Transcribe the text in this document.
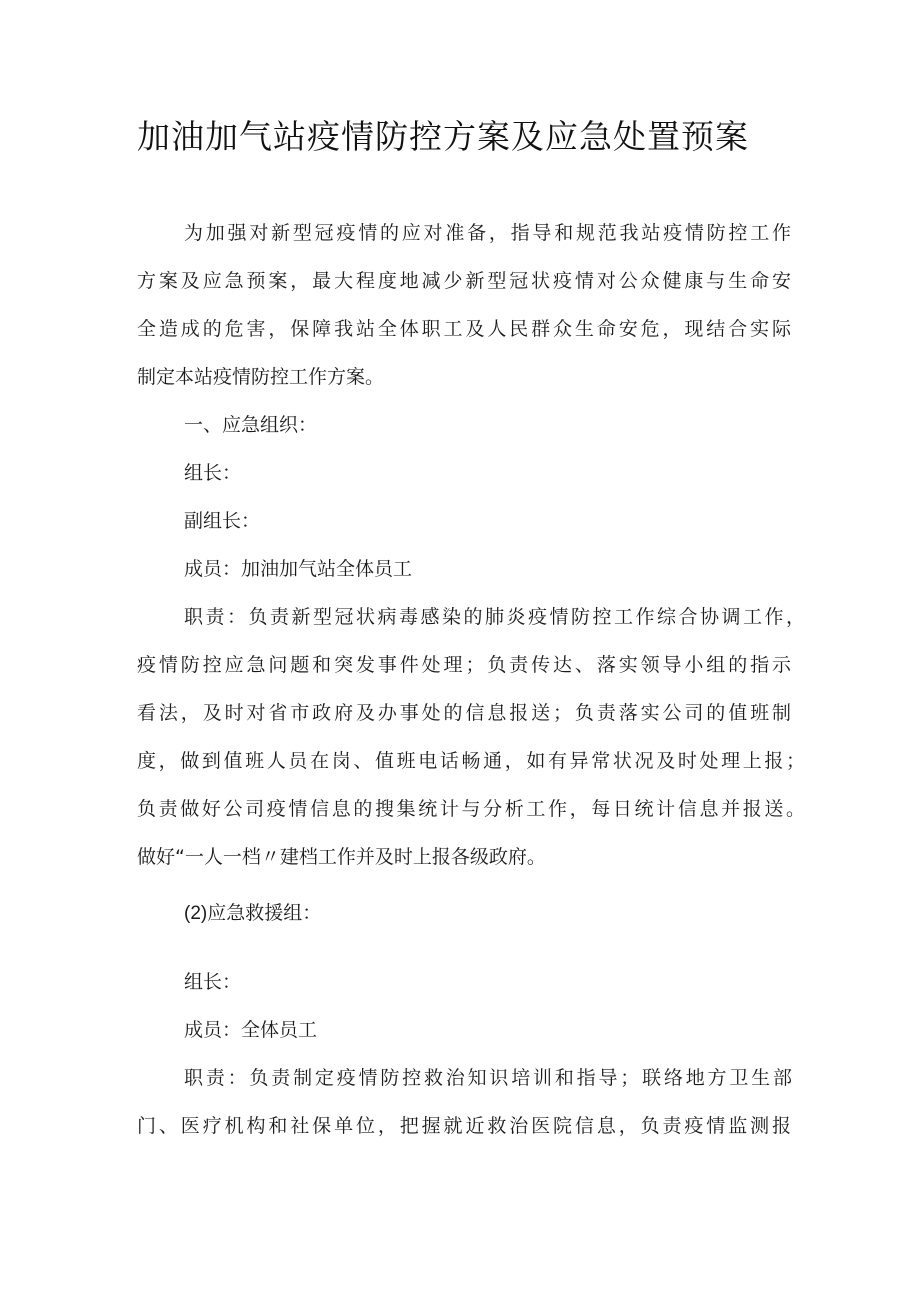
加油加气站疫情防控方案及应急处置预案
为加强对新型冠疫情的应对准备，指导和规范我站疫情防控工作
方案及应急预案，最大程度地减少新型冠状疫情对公众健康与生命安
全造成的危害，保障我站全体职工及人民群众生命安危，现结合实际
制定本站疫情防控工作方案。
一、应急组织：
组长：
副组长：
成员：加油加气站全体员工
职责：负责新型冠状病毒感染的肺炎疫情防控工作综合协调工作，
疫情防控应急问题和突发事件处理；负责传达、落实领导小组的指示
看法，及时对省市政府及办事处的信息报送；负责落实公司的值班制
度，做到值班人员在岗、值班电话畅通，如有异常状况及时处理上报；
负责做好公司疫情信息的搜集统计与分析工作，每日统计信息并报送。
做好“一人一档〃建档工作并及时上报各级政府。
(2)应急救援组：
组长：
成员：全体员工
职责：负责制定疫情防控救治知识培训和指导；联络地方卫生部
门、医疗机构和社保单位，把握就近救治医院信息，负责疫情监测报
